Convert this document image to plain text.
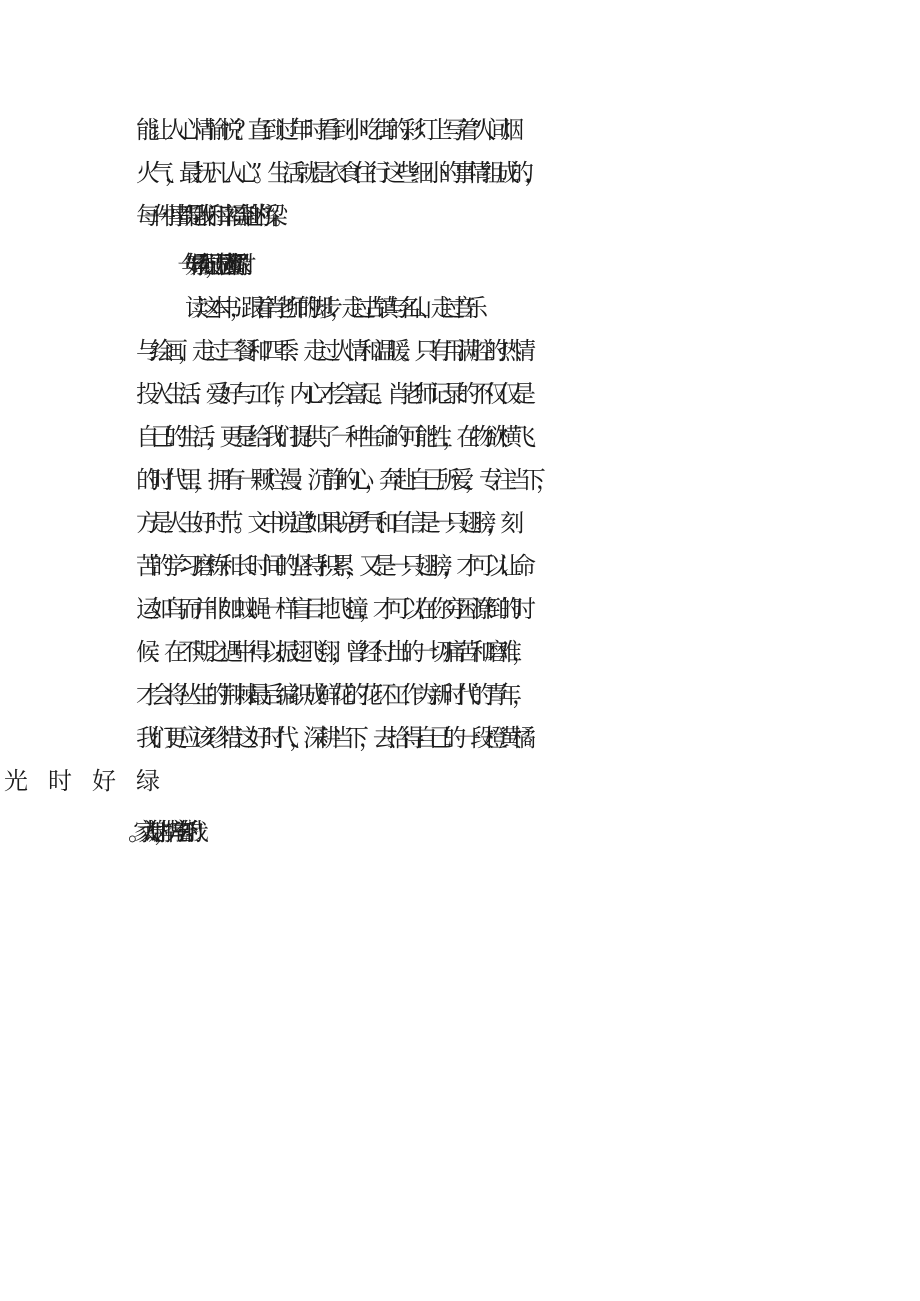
能让人心情愉悦？直到过年时看到小吃街的彩灯上写着“人间烟

火气，最抚凡人心”。生活就是衣食住行这些细小的事情组成的，

每一件小事都是我们和幸福奔赴的桥梁。

“一年好景君须记，正是橙黄橘绿时”

读这本书，跟着肖老师的脚步，走过古镇与名山、走过音乐

与绘画，走过三餐和四季、走过人情和温暖。只有用满腔的热情

投入生活、爱好与工作，内心才会富足。肖老师记录的不仅仅是

自己的生活，更是给我们提供了一种生命的可能性，在物欲横飞

的时代里，拥有一颗烂漫、沉静的心，奔赴自己所爱，专注当下，

方是人生好时节。文中说道“如果说勇气和自信是一只翅膀，刻

苦的学习磨炼和长时间的坚持积累，又是一只翅膀，才可以让命

运如鸟而并非如蚊蝇一样盲目地飞撞，才可以在你穷困潦倒的时

候、在不期之遇中得以振翅飞翔，曾经付出的一切痛苦和磨难，

才会将丛生的荆棘最后编织成鲜花的花环工作为新时代的青年，

我们更应该珍惜这好时代，深耕当下，去拾得自己的一段橙黄橘
